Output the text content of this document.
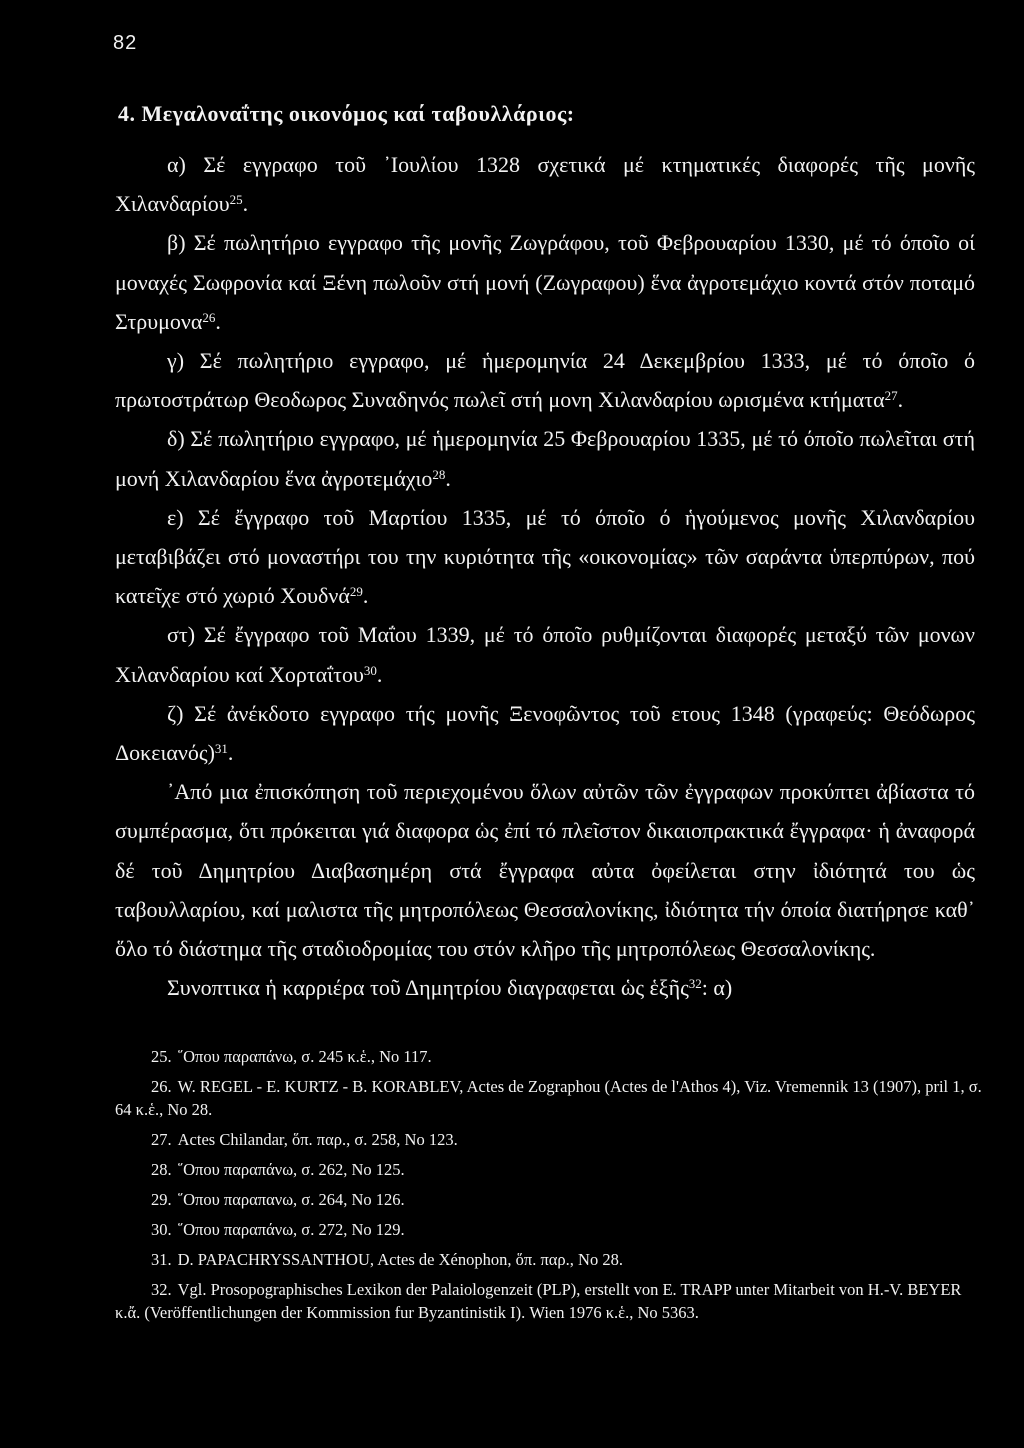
82
4. Μεγαλοναΐτης οικονόμος καί ταβουλλάριος:

α) Σέ εγγραφο τοῦ ᾿Ιουλίου 1328 σχετικά μέ κτηματικές διαφορές τῆς μονῆς Χιλανδαρίου$^{25}$.

β) Σέ πωλητήριο εγγραφο τῆς μονῆς Ζωγράφου, τοῦ Φεβρουαρίου 1330, μέ τό όποῖο οί μοναχές Σωφρονία καί Ξένη πωλοῦν στή μονή (Ζωγραφου) ἕνα ἀγροτεμάχιο κοντά στόν ποταμό Στρυμονα$^{26}$.

γ) Σέ πωλητήριο εγγραφο, μέ ἡμερομηνία 24 Δεκεμβρίου 1333, μέ τό όποῖο ό πρωτοστράτωρ Θεοδωρος Συναδηνός πωλεῖ στή μονη Χιλανδαρίου ωρισμένα κτήματα$^{27}$.

δ) Σέ πωλητήριο εγγραφο, μέ ἡμερομηνία 25 Φεβρουαρίου 1335, μέ τό όποῖο πωλεῖται στή μονή Χιλανδαρίου ἕνα ἀγροτεμάχιο$^{28}$.

ε) Σέ ἔγγραφο τοῦ Μαρτίου 1335, μέ τό όποῖο ό ἡγούμενος μονῆς Χιλανδαρίου μεταβιβάζει στό μοναστήρι του την κυριότητα τῆς «οικονομίας» τῶν σαράντα ὑπερπύρων, πού κατεῖχε στό χωριό Χουδνά$^{29}$.

στ) Σέ ἔγγραφο τοῦ Μαΐου 1339, μέ τό όποῖο ρυθμίζονται διαφορές μεταξύ τῶν μονων Χιλανδαρίου καί Χορταΐτου$^{30}$.

ζ) Σέ ἀνέκδοτο εγγραφο τής μονῆς Ξενοφῶντος τοῦ ετους 1348 (γραφεύς: Θεόδωρος Δοκειανός)$^{31}$.

᾿Από μια ἐπισκόπηση τοῦ περιεχομένου ὅλων αὐτῶν τῶν ἐγγραφων προκύπτει ἀβίαστα τό συμπέρασμα, ὅτι πρόκειται γιά διαφορα ὡς ἐπί τό πλεῖστον δικαιοπρακτικά ἔγγραφα· ἡ ἀναφορά δέ τοῦ Δημητρίου Διαβασημέρη στά ἔγγραφα αὐτα ὀφείλεται στην ἰδιότητά του ὡς ταβουλλαρίου, καί μαλιστα τῆς μητροπόλεως Θεσσαλονίκης, ἰδιότητα τήν όποία διατήρησε καθ᾿ ὅλο τό διάστημα τῆς σταδιοδρομίας του στόν κλῆρο τῆς μητροπόλεως Θεσσαλονίκης.

Συνοπτικα ἡ καρριέρα τοῦ Δημητρίου διαγραφεται ὡς ἑξῆς$^{32}$: α)

25. ῞Οπου παραπάνω, σ. 245 κ.ἑ., No 117.
26. W. REGEL - E. KURTZ - B. KORABLEV, Actes de Zographou (Actes de l'Athos 4), Viz. Vremennik 13 (1907), pril 1, σ. 64 κ.ἑ., No 28.
27. Actes Chilandar, ὅπ. παρ., σ. 258, No 123.
28. ῞Οπου παραπάνω, σ. 262, No 125.
29. ῞Οπου παραπανω, σ. 264, No 126.
30. ῞Οπου παραπάνω, σ. 272, No 129.
31. D. PAPACHRYSSANTHOU, Actes de Xénophon, ὅπ. παρ., No 28.
32. Vgl. Prosopographisches Lexikon der Palaiologenzeit (PLP), erstellt von E. TRAPP unter Mitarbeit von H.-V. BEYER κ.ἄ. (Veröffentlichungen der Kommission fur Byzantinistik I). Wien 1976 κ.ἑ., No 5363.
